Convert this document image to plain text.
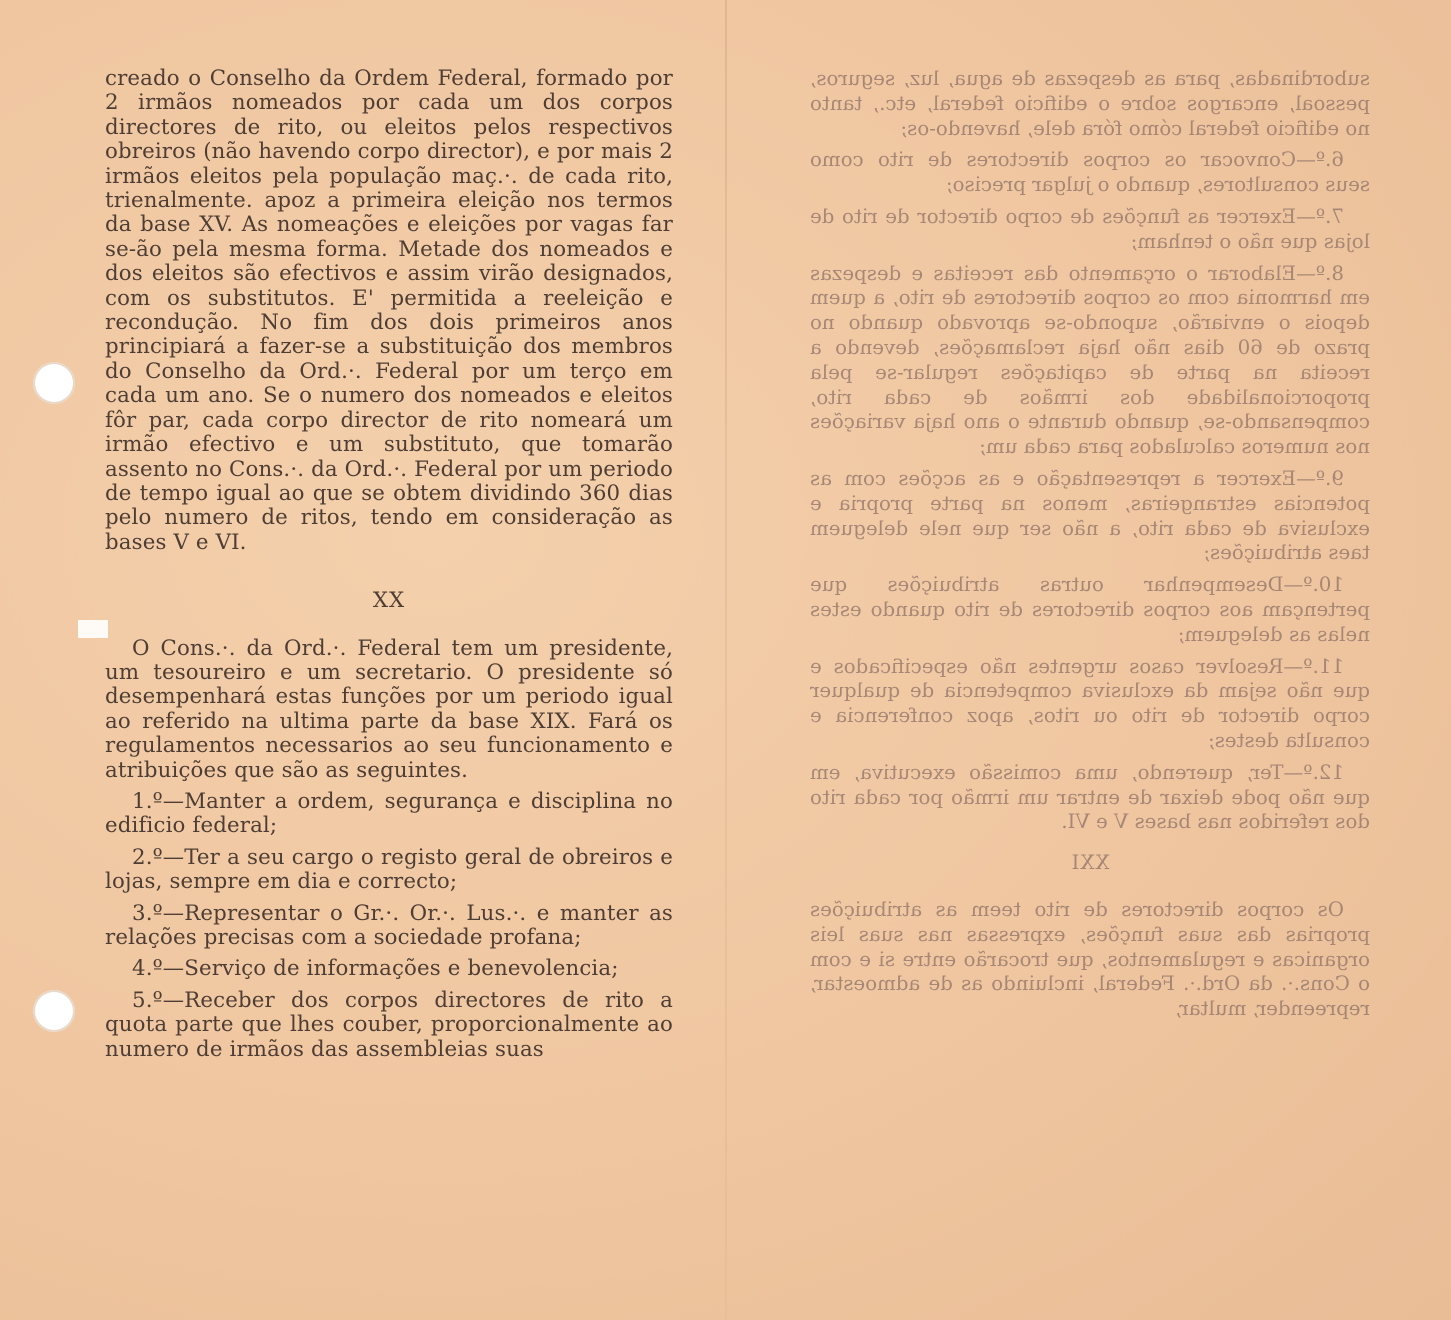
creado o Conselho da Ordem Federal, formado por 2 irmãos nomeados por cada um dos corpos directores de rito, ou eleitos pelos respectivos obreiros (não havendo corpo director), e por mais 2 irmãos eleitos pela população maç.·. de cada rito, trienalmente. apoz a primeira eleição nos termos da base XV. As nomeações e eleições por vagas far se-ão pela mesma forma. Metade dos nomeados e dos eleitos são efectivos e assim virão designados, com os substitutos. E' permitida a reeleição e recondução. No fim dos dois primeiros anos principiará a fazer-se a substituição dos membros do Conselho da Ord.·. Federal por um terço em cada um ano. Se o numero dos nomeados e eleitos fôr par, cada corpo director de rito nomeará um irmão efectivo e um substituto, que tomarão assento no Cons.·. da Ord.·. Federal por um periodo de tempo igual ao que se obtem dividindo 360 dias pelo numero de ritos, tendo em consideração as bases V e VI.

XX

O Cons.·. da Ord.·. Federal tem um presidente, um tesoureiro e um secretario. O presidente só desempenhará estas funções por um periodo igual ao referido na ultima parte da base XIX. Fará os regulamentos necessarios ao seu funcionamento e atribuições que são as seguintes.

1.º—Manter a ordem, segurança e disciplina no edificio federal;

2.º—Ter a seu cargo o registo geral de obreiros e lojas, sempre em dia e correcto;

3.º—Representar o Gr.·. Or.·. Lus.·. e manter as relações precisas com a sociedade profana;

4.º—Serviço de informações e benevolencia;

5.º—Receber dos corpos directores de rito a quota parte que lhes couber, proporcionalmente ao numero de irmãos das assembleias suas

subordinadas, para as despezas de agua, luz, seguros, pessoal, encargos sobre o edificio federal, etc., tanto no edificio federal cómo fóra dele, havendo-os;

6.º—Convocar os corpos directores de rito como seus consultores, quando o julgar preciso;

7.º—Exercer as funções de corpo director de rito de lojas que não o tenham;

8.º—Elaborar o orçamento das receitas e despezas em harmonia com os corpos directores de rito, a quem depois o enviarão, supondo-se aprovado quando no prazo de 60 dias não haja reclamações, devendo a receita na parte de capitações regular-se pela proporcionalidade dos irmãos de cada rito, compensando-se, quando durante o ano haja variações nos numeros calculados para cada um;

9.º—Exercer a representação e as acções com as potencias estrangeiras, menos na parte propria e exclusiva de cada rito, a não ser que nele deleguem taes atribuições;

10.º—Desempenhar outras atribuições que pertençam aos corpos directores de rito quando estes nelas as deleguem;

11.º—Resolver casos urgentes não especificados e que não sejam da exclusiva competencia de qualquer corpo director de rito ou ritos, apoz conferencia e consulta destes;

12.º—Ter, querendo, uma comissão executiva, em que não pode deixar de entrar um irmão por cada rito dos referidos nas bases V e VI.

XXI

Os corpos directores de rito teem as atribuições proprias das suas funções, expressas nas suas leis organicas e regulamentos, que trocarão entre si e com o Cons.·. da Ord.·. Federal, incluindo as de admoestar, repreender, multar,
